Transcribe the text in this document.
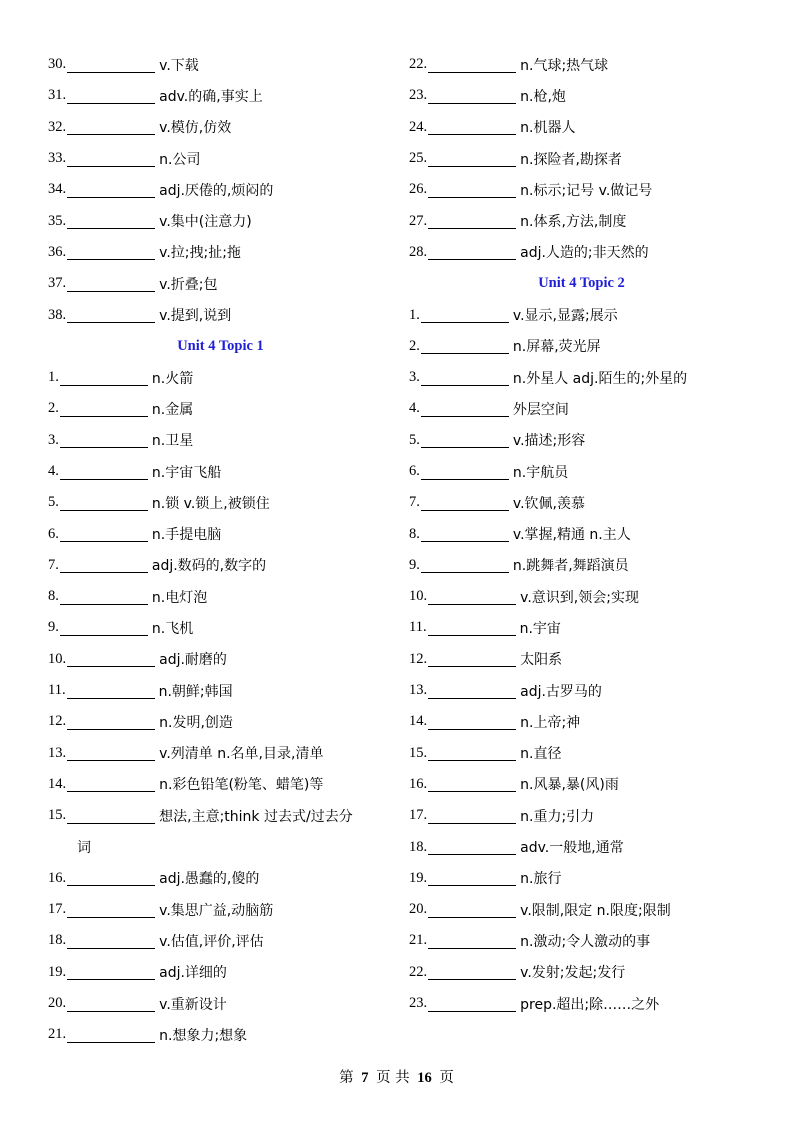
30.	v.下载
31.	adv.的确,事实上
32.	v.模仿,仿效
33.	n.公司
34.	adj.厌倦的,烦闷的
35.	v.集中(注意力)
36.	v.拉;拽;扯;拖
37.	v.折叠;包
38.	v.提到,说到
Unit 4 Topic 1
1.	n.火箭
2.	n.金属
3.	n.卫星
4.	n.宇宙飞船
5.	n.锁 v.锁上,被锁住
6.	n.手提电脑
7.	adj.数码的,数字的
8.	n.电灯泡
9.	n.飞机
10.	adj.耐磨的
11.	n.朝鲜;韩国
12.	n.发明,创造
13.	v.列清单 n.名单,目录,清单
14.	n.彩色铅笔(粉笔、蜡笔)等
15.	想法,主意;think 过去式/过去分
词
16.	adj.愚蠢的,傻的
17.	v.集思广益,动脑筋
18.	v.估值,评价,评估
19.	adj.详细的
20.	v.重新设计
21.	n.想象力;想象
22.	n.气球;热气球
23.	n.枪,炮
24.	n.机器人
25.	n.探险者,勘探者
26.	n.标示;记号 v.做记号
27.	n.体系,方法,制度
28.	adj.人造的;非天然的
Unit 4 Topic 2
1.	v.显示,显露;展示
2.	n.屏幕,荧光屏
3.	n.外星人 adj.陌生的;外星的
4.	外层空间
5.	v.描述;形容
6.	n.宇航员
7.	v.钦佩,羡慕
8.	v.掌握,精通 n.主人
9.	n.跳舞者,舞蹈演员
10.	v.意识到,领会;实现
11.	n.宇宙
12.	太阳系
13.	adj.古罗马的
14.	n.上帝;神
15.	n.直径
16.	n.风暴,暴(风)雨
17.	n.重力;引力
18.	adv.一般地,通常
19.	n.旅行
20.	v.限制,限定 n.限度;限制
21.	n.激动;令人激动的事
22.	v.发射;发起;发行
23.	prep.超出;除……之外
第 7 页 共 16 页
